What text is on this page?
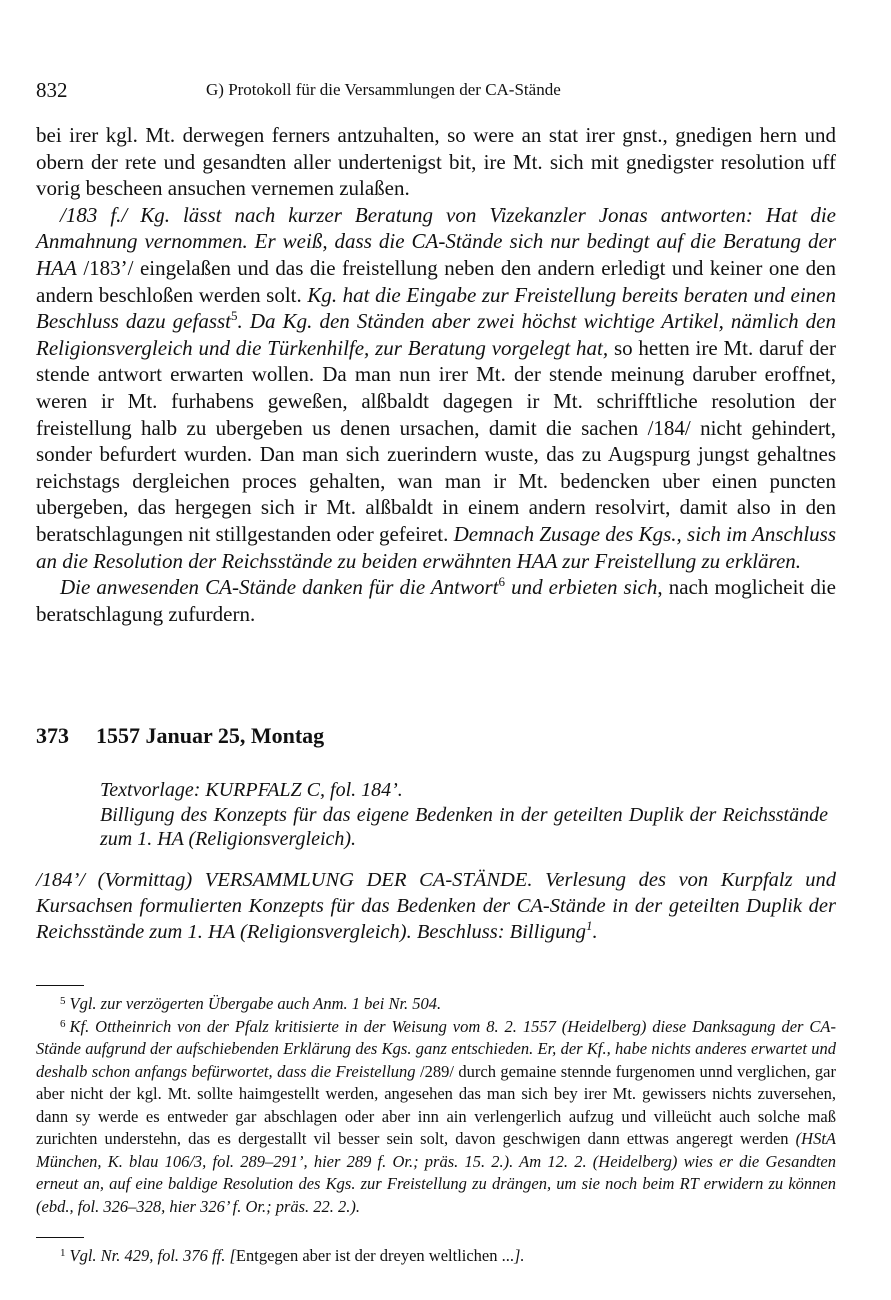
832	G) Protokoll für die Versammlungen der CA-Stände

bei irer kgl. Mt. derwegen ferners antzuhalten, so were an stat irer gnst., gnedigen hern und obern der rete und gesandten aller undertenigst bit, ire Mt. sich mit gnedigster resolution uff vorig bescheen ansuchen vernemen zulaßen.

/183 f./ Kg. lässt nach kurzer Beratung von Vizekanzler Jonas antworten: Hat die Anmahnung vernommen. Er weiß, dass die CA-Stände sich nur bedingt auf die Beratung der HAA /183’/ eingelaßen und das die freistellung neben den andern erledigt und keiner one den andern beschloßen werden solt. Kg. hat die Eingabe zur Freistellung bereits beraten und einen Beschluss dazu gefasst$^5$. Da Kg. den Ständen aber zwei höchst wichtige Artikel, nämlich den Religionsvergleich und die Türkenhilfe, zur Beratung vorgelegt hat, so hetten ire Mt. daruf der stende antwort erwarten wollen. Da man nun irer Mt. der stende meinung daruber eroffnet, weren ir Mt. furhabens geweßen, alßbaldt dagegen ir Mt. schrifftliche resolution der freistellung halb zu ubergeben us denen ursachen, damit die sachen /184/ nicht gehindert, sonder befurdert wurden. Dan man sich zuerindern wuste, das zu Augspurg jungst gehaltnes reichstags dergleichen proces gehalten, wan man ir Mt. bedencken uber einen puncten ubergeben, das hergegen sich ir Mt. alßbaldt in einem andern resolvirt, damit also in den beratschlagungen nit stillgestanden oder gefeiret. Demnach Zusage des Kgs., sich im Anschluss an die Resolution der Reichsstände zu beiden erwähnten HAA zur Freistellung zu erklären.

Die anwesenden CA-Stände danken für die Antwort$^6$ und erbieten sich, nach moglicheit die beratschlagung zufurdern.

373 1557 Januar 25, Montag

Textvorlage: KURPFALZ C, fol. 184’.

Billigung des Konzepts für das eigene Bedenken in der geteilten Duplik der Reichsstände zum 1. HA (Religionsvergleich).

/184’/ (Vormittag) VERSAMMLUNG DER CA-STÄNDE. Verlesung des von Kurpfalz und Kursachsen formulierten Konzepts für das Bedenken der CA-Stände in der geteilten Duplik der Reichsstände zum 1. HA (Religionsvergleich). Beschluss: Billigung$^1$.

$^5$ Vgl. zur verzögerten Übergabe auch Anm. 1 bei Nr. 504.

$^6$ Kf. Ottheinrich von der Pfalz kritisierte in der Weisung vom 8. 2. 1557 (Heidelberg) diese Danksagung der CA-Stände aufgrund der aufschiebenden Erklärung des Kgs. ganz entschieden. Er, der Kf., habe nichts anderes erwartet und deshalb schon anfangs befürwortet, dass die Freistellung /289/ durch gemaine stennde furgenomen unnd verglichen, gar aber nicht der kgl. Mt. sollte haimgestellt werden, angesehen das man sich bey irer Mt. gewissers nichts zuversehen, dann sy werde es entweder gar abschlagen oder aber inn ain verlengerlich aufzug und villeücht auch solche maß zurichten understehn, das es dergestallt vil besser sein solt, davon geschwigen dann ettwas angeregt werden (HStA München, K. blau 106/3, fol. 289–291’, hier 289 f. Or.; präs. 15. 2.). Am 12. 2. (Heidelberg) wies er die Gesandten erneut an, auf eine baldige Resolution des Kgs. zur Freistellung zu drängen, um sie noch beim RT erwidern zu können (ebd., fol. 326–328, hier 326’ f. Or.; präs. 22. 2.).

$^1$ Vgl. Nr. 429, fol. 376 ff. [Entgegen aber ist der dreyen weltlichen ...].
